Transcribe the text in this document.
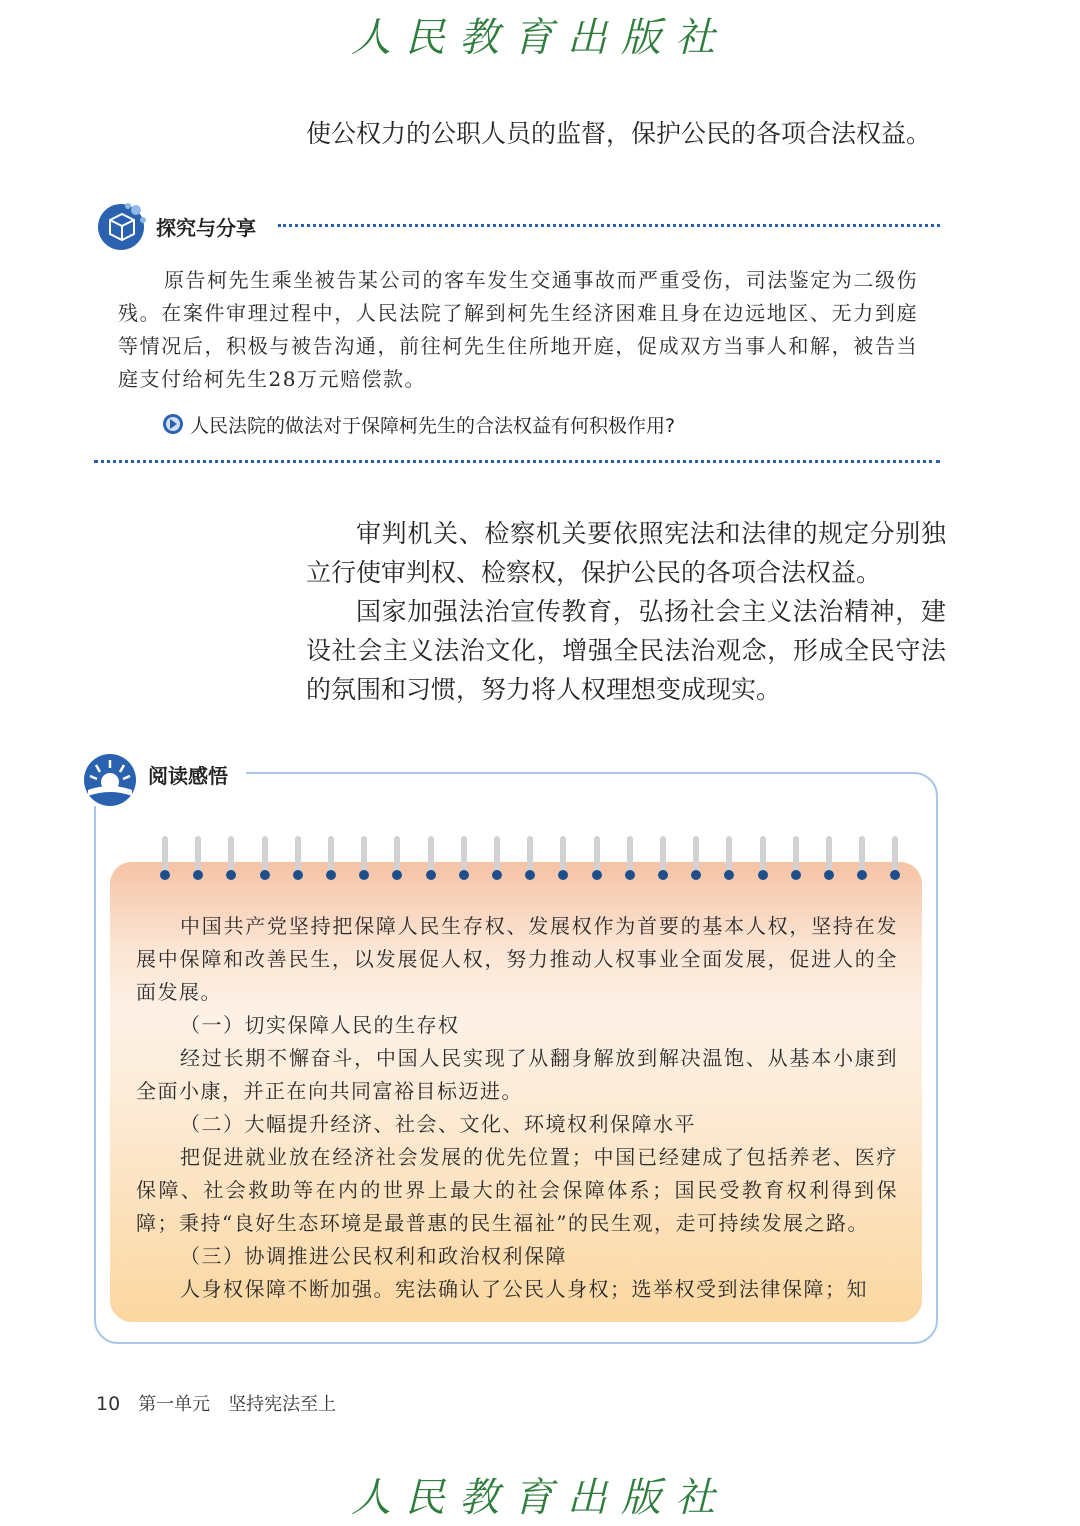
人民教育出版社

使公权力的公职人员的监督，保护公民的各项合法权益。

探究与分享

原告柯先生乘坐被告某公司的客车发生交通事故而严重受伤，司法鉴定为二级伤残。在案件审理过程中，人民法院了解到柯先生经济困难且身在边远地区、无力到庭等情况后，积极与被告沟通，前往柯先生住所地开庭，促成双方当事人和解，被告当庭支付给柯先生28万元赔偿款。

人民法院的做法对于保障柯先生的合法权益有何积极作用?

审判机关、检察机关要依照宪法和法律的规定分别独立行使审判权、检察权，保护公民的各项合法权益。

国家加强法治宣传教育，弘扬社会主义法治精神，建设社会主义法治文化，增强全民法治观念，形成全民守法的氛围和习惯，努力将人权理想变成现实。

阅读感悟

中国共产党坚持把保障人民生存权、发展权作为首要的基本人权，坚持在发展中保障和改善民生，以发展促人权，努力推动人权事业全面发展，促进人的全面发展。

（一）切实保障人民的生存权

经过长期不懈奋斗，中国人民实现了从翻身解放到解决温饱、从基本小康到全面小康，并正在向共同富裕目标迈进。

（二）大幅提升经济、社会、文化、环境权利保障水平

把促进就业放在经济社会发展的优先位置；中国已经建成了包括养老、医疗保障、社会救助等在内的世界上最大的社会保障体系；国民受教育权利得到保障；秉持“良好生态环境是最普惠的民生福祉”的民生观，走可持续发展之路。

（三）协调推进公民权利和政治权利保障

人身权保障不断加强。宪法确认了公民人身权；选举权受到法律保障；知

10 第一单元 坚持宪法至上
人民教育出版社
